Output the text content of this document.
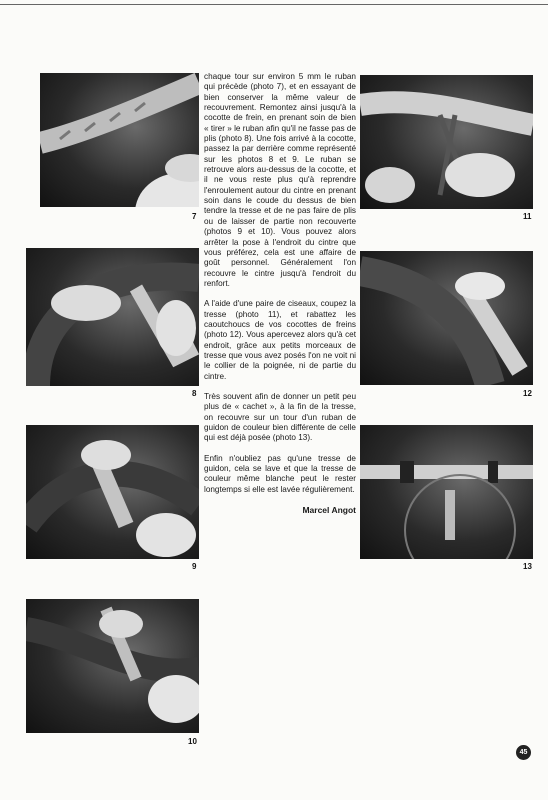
7
8
9
10
11
12
13

chaque tour sur environ 5 mm le ruban qui précède (photo 7), et en essayant de bien conserver la même valeur de recouvrement. Remontez ainsi jusqu'à la cocotte de frein, en prenant soin de bien « tirer » le ruban afin qu'il ne fasse pas de plis (photo 8). Une fois arrivé à la cocotte, passez la par derrière comme représenté sur les photos 8 et 9. Le ruban se retrouve alors au-dessus de la cocotte, et il ne vous reste plus qu'à reprendre l'enroulement autour du cintre en prenant soin dans le coude du dessus de bien tendre la tresse et de ne pas faire de plis ou de laisser de partie non recouverte (photos 9 et 10). Vous pouvez alors arrêter la pose à l'endroit du cintre que vous préférez, cela est une affaire de goût personnel. Généralement l'on recouvre le cintre jusqu'à l'endroit du renfort.

A l'aide d'une paire de ciseaux, coupez la tresse (photo 11), et rabattez les caoutchoucs de vos cocottes de freins (photo 12). Vous apercevez alors qu'à cet endroit, grâce aux petits morceaux de tresse que vous avez posés l'on ne voit ni le collier de la poignée, ni de partie du cintre.

Très souvent afin de donner un petit peu plus de « cachet », à la fin de la tresse, on recouvre sur un tour d'un ruban de guidon de couleur bien différente de celle qui est déjà posée (photo 13).

Enfin n'oubliez pas qu'une tresse de guidon, cela se lave et que la tresse de couleur même blanche peut le rester longtemps si elle est lavée régulièrement.

Marcel Angot
45
